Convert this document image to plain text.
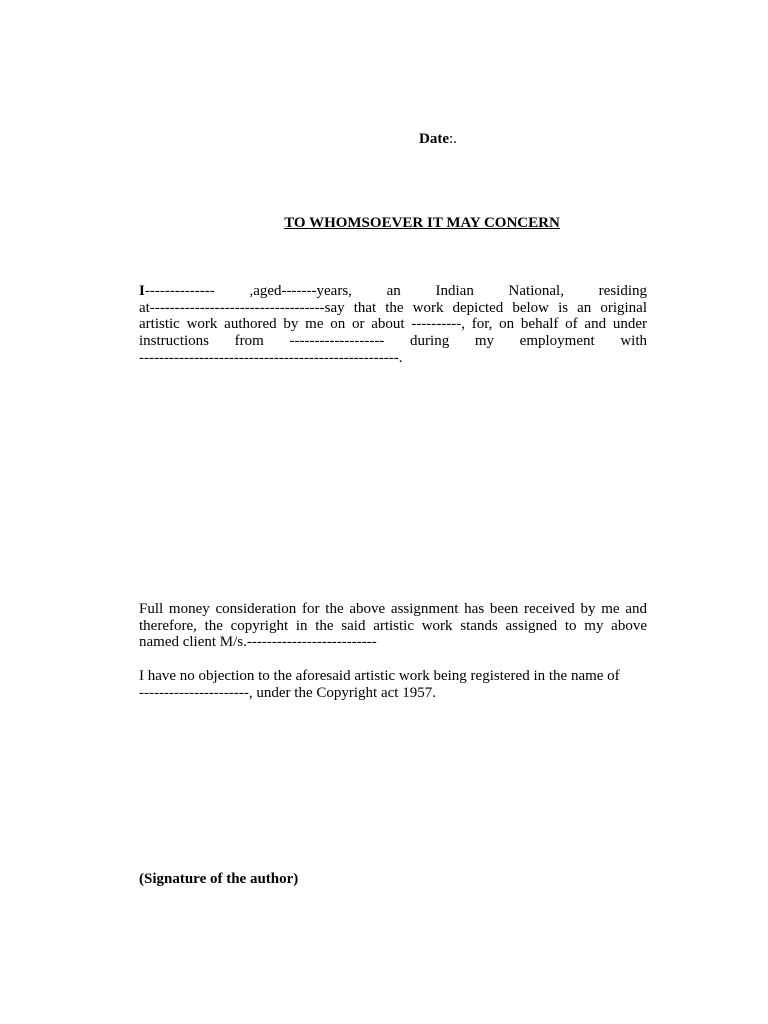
Date:.
TO WHOMSOEVER IT MAY CONCERN
I-------------- ,aged-------years, an Indian National, residing
at-----------------------------------say that the work depicted below is an original
artistic work authored by me on or about ----------, for, on behalf of and under
instructions from ------------------- during my employment with
----------------------------------------------------.
Full money consideration for the above assignment has been received by me and
therefore, the copyright in the said artistic work stands assigned to my above
named client M/s.--------------------------
I have no objection to the aforesaid artistic work being registered in the name of
----------------------, under the Copyright act 1957.
(Signature of the author)
